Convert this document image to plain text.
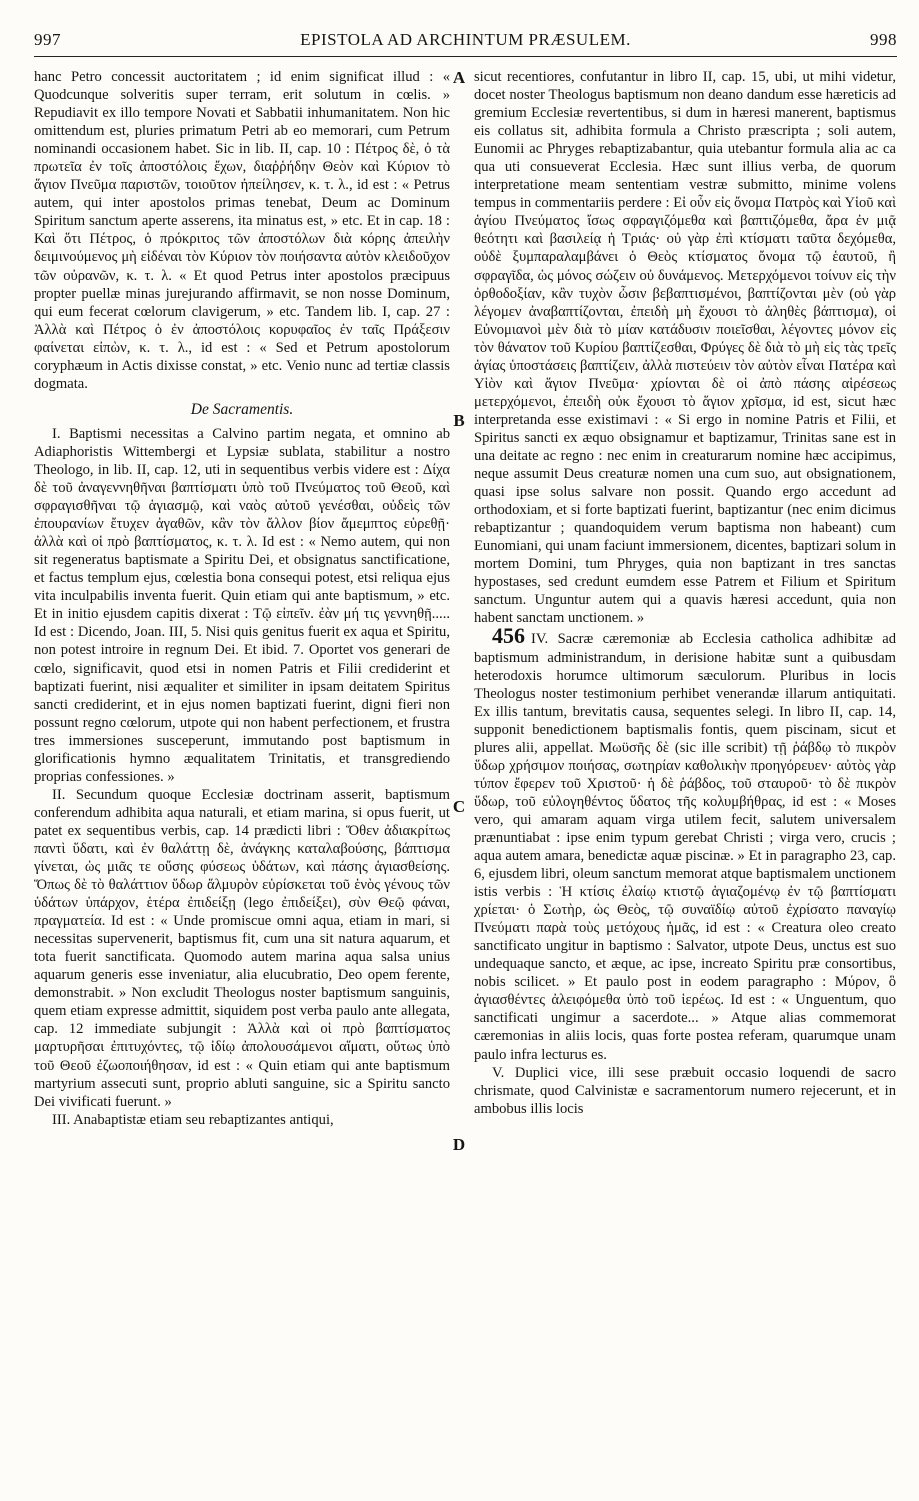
997	EPISTOLA AD ARCHINTUM PRÆSULEM.	998

hanc Petro concessit auctoritatem ; id enim significat illud : « Quodcunque solveritis super terram, erit solutum in cœlis. » Repudiavit ex illo tempore Novati et Sabbatii inhumanitatem. Non hic omittendum est, pluries primatum Petri ab eo memorari, cum Petrum nominandi occasionem habet. Sic in lib. II, cap. 10 : Πέτρος δὲ, ὁ τὰ πρωτεῖα ἐν τοῖς ἀποστόλοις ἔχων, διαῤῥήδην Θεὸν καὶ Κύριον τὸ ἅγιον Πνεῦμα παριστῶν, τοιοῦτον ἠπείλησεν, κ. τ. λ., id est : « Petrus autem, qui inter apostolos primas tenebat, Deum ac Dominum Spiritum sanctum aperte asserens, ita minatus est, » etc. Et in cap. 18 : Καὶ ὅτι Πέτρος, ὁ πρόκριτος τῶν ἀποστόλων διὰ κόρης ἀπειλὴν δειμινούμενος μὴ εἰδέναι τὸν Κύριον τὸν ποιήσαντα αὐτὸν κλειδοῦχον τῶν οὐρανῶν, κ. τ. λ. « Et quod Petrus inter apostolos præcipuus propter puellæ minas jurejurando affirmavit, se non nosse Dominum, qui eum fecerat cœlorum clavigerum, » etc. Tandem lib. I, cap. 27 : Ἀλλὰ καὶ Πέτρος ὁ ἐν ἀποστόλοις κορυφαῖος ἐν ταῖς Πράξεσιν φαίνεται εἰπὼν, κ. τ. λ., id est : « Sed et Petrum apostolorum coryphæum in Actis dixisse constat, » etc. Venio nunc ad tertiæ classis dogmata.

De Sacramentis.

I. Baptismi necessitas a Calvino partim negata, et omnino ab Adiaphoristis Wittembergi et Lypsiæ sublata, stabilitur a nostro Theologo, in lib. II, cap. 12, uti in sequentibus verbis videre est : Δίχα δὲ τοῦ ἀναγεννηθῆναι βαπτίσματι ὑπὸ τοῦ Πνεύματος τοῦ Θεοῦ, καὶ σφραγισθῆναι τῷ ἁγιασμῷ, καὶ ναὸς αὐτοῦ γενέσθαι, οὐδεὶς τῶν ἐπουρανίων ἔτυχεν ἀγαθῶν, κἂν τὸν ἄλλον βίον ἄμεμπτος εὑρεθῇ· ἀλλὰ καὶ οἱ πρὸ βαπτίσματος, κ. τ. λ. Id est : « Nemo autem, qui non sit regeneratus baptismate a Spiritu Dei, et obsignatus sanctificatione, et factus templum ejus, cœlestia bona consequi potest, etsi reliqua ejus vita inculpabilis inventa fuerit. Quin etiam qui ante baptismum, » etc. Et in initio ejusdem capitis dixerat : Τῷ εἰπεῖν. ἐὰν μή τις γεννηθῇ..... Id est : Dicendo, Joan. III, 5. Nisi quis genitus fuerit ex aqua et Spiritu, non potest introire in regnum Dei. Et ibid. 7. Oportet vos generari de cœlo, significavit, quod etsi in nomen Patris et Filii crediderint et baptizati fuerint, nisi æqualiter et similiter in ipsam deitatem Spiritus sancti crediderint, et in ejus nomen baptizati fuerint, digni fieri non possunt regno cœlorum, utpote qui non habent perfectionem, et frustra tres immersiones susceperunt, immutando post baptismum in glorificationis hymno æqualitatem Trinitatis, et transgrediendo proprias confessiones. »

II. Secundum quoque Ecclesiæ doctrinam asserit, baptismum conferendum adhibita aqua naturali, et etiam marina, si opus fuerit, ut patet ex sequentibus verbis, cap. 14 prædicti libri : Ὅθεν ἀδιακρίτως παντὶ ὕδατι, καὶ ἐν θαλάττῃ δὲ, ἀνάγκης καταλαβούσης, βάπτισμα γίνεται, ὡς μιᾶς τε οὔσης φύσεως ὑδάτων, καὶ πάσης ἁγιασθείσης. Ὅπως δὲ τὸ θαλάττιον ὕδωρ ἅλμυρὸν εὑρίσκεται τοῦ ἑνὸς γένους τῶν ὑδάτων ὑπάρχον, ἑτέρα ἐπιδείξῃ (lego ἐπιδείξει), σὺν Θεῷ φάναι, πραγματεία. Id est : « Unde promiscue omni aqua, etiam in mari, si necessitas supervenerit, baptismus fit, cum una sit natura aquarum, et tota fuerit sanctificata. Quomodo autem marina aqua salsa unius aquarum generis esse inveniatur, alia elucubratio, Deo opem ferente, demonstrabit. » Non excludit Theologus noster baptismum sanguinis, quem etiam expresse admittit, siquidem post verba paulo ante allegata, cap. 12 immediate subjungit : Ἀλλὰ καὶ οἱ πρὸ βαπτίσματος μαρτυρῆσαι ἐπιτυχόντες, τῷ ἰδίῳ ἀπολουσάμενοι αἵματι, οὕτως ὑπὸ τοῦ Θεοῦ ἐζωοποιήθησαν, id est : « Quin etiam qui ante baptismum martyrium assecuti sunt, proprio abluti sanguine, sic a Spiritu sancto Dei vivificati fuerunt. »

III. Anabaptistæ etiam seu rebaptizantes antiqui,

A
B
C
D

sicut recentiores, confutantur in libro II, cap. 15, ubi, ut mihi videtur, docet noster Theologus baptismum non deano dandum esse hæreticis ad gremium Ecclesiæ revertentibus, si dum in hæresi manerent, baptismus eis collatus sit, adhibita formula a Christo præscripta ; soli autem, Eunomii ac Phryges rebaptizabantur, quia utebantur formula alia ac ca qua uti consueverat Ecclesia. Hæc sunt illius verba, de quorum interpretatione meam sententiam vestræ submitto, minime volens tempus in commentariis perdere : Εἰ οὖν εἰς ὄνομα Πατρὸς καὶ Υἱοῦ καὶ ἁγίου Πνεύματος ἴσως σφραγιζόμεθα καὶ βαπτιζόμεθα, ἄρα ἐν μιᾷ θεότητι καὶ βασιλείᾳ ἡ Τριάς· οὐ γὰρ ἐπὶ κτίσματι ταῦτα δεχόμεθα, οὐδὲ ξυμπαραλαμβάνει ὁ Θεὸς κτίσματος ὄνομα τῷ ἑαυτοῦ, ἢ σφραγῖδα, ὡς μόνος σώζειν οὐ δυνάμενος. Μετερχόμενοι τοίνυν εἰς τὴν ὀρθοδοξίαν, κἂν τυχὸν ὦσιν βεβαπτισμένοι, βαπτίζονται μὲν (οὐ γὰρ λέγομεν ἀναβαπτίζονται, ἐπειδὴ μὴ ἔχουσι τὸ ἀληθὲς βάπτισμα), οἱ Εὐνομιανοὶ μὲν διὰ τὸ μίαν κατάδυσιν ποιεῖσθαι, λέγοντες μόνον εἰς τὸν θάνατον τοῦ Κυρίου βαπτίζεσθαι, Φρύγες δὲ διὰ τὸ μὴ εἰς τὰς τρεῖς ἁγίας ὑποστάσεις βαπτίζειν, ἀλλὰ πιστεύειν τὸν αὐτὸν εἶναι Πατέρα καὶ Υἱὸν καὶ ἅγιον Πνεῦμα· χρίονται δὲ οἱ ἀπὸ πάσης αἱρέσεως μετερχόμενοι, ἐπειδὴ οὐκ ἔχουσι τὸ ἅγιον χρῖσμα, id est, sicut hæc interpretanda esse existimavi : « Si ergo in nomine Patris et Filii, et Spiritus sancti ex æquo obsignamur et baptizamur, Trinitas sane est in una deitate ac regno : nec enim in creaturarum nomine hæc accipimus, neque assumit Deus creaturæ nomen una cum suo, aut obsignationem, quasi ipse solus salvare non possit. Quando ergo accedunt ad orthodoxiam, et si forte baptizati fuerint, baptizantur (nec enim dicimus rebaptizantur ; quandoquidem verum baptisma non habeant) cum Eunomiani, qui unam faciunt immersionem, dicentes, baptizari solum in mortem Domini, tum Phryges, quia non baptizant in tres sanctas hypostases, sed credunt eumdem esse Patrem et Filium et Spiritum sanctum. Unguntur autem qui a quavis hæresi accedunt, quia non habent sanctam unctionem. »

456 IV. Sacræ cæremoniæ ab Ecclesia catholica adhibitæ ad baptismum administrandum, in derisione habitæ sunt a quibusdam heterodoxis horumce ultimorum sæculorum. Pluribus in locis Theologus noster testimonium perhibet venerandæ illarum antiquitati. Ex illis tantum, brevitatis causa, sequentes selegi. In libro II, cap. 14, supponit benedictionem baptismalis fontis, quem piscinam, sicut et plures alii, appellat. Μωϋσῆς δὲ (sic ille scribit) τῇ ῥάβδῳ τὸ πικρὸν ὕδωρ χρήσιμον ποιήσας, σωτηρίαν καθολικὴν προηγόρευεν· αὐτὸς γὰρ τύπον ἔφερεν τοῦ Χριστοῦ· ἡ δὲ ῥάβδος, τοῦ σταυροῦ· τὸ δὲ πικρὸν ὕδωρ, τοῦ εὐλογηθέντος ὕδατος τῆς κολυμβήθρας, id est : « Moses vero, qui amaram aquam virga utilem fecit, salutem universalem prænuntiabat : ipse enim typum gerebat Christi ; virga vero, crucis ; aqua autem amara, benedictæ aquæ piscinæ. » Et in paragrapho 23, cap. 6, ejusdem libri, oleum sanctum memorat atque baptismalem unctionem istis verbis : Ἡ κτίσις ἐλαίῳ κτιστῷ ἁγιαζομένῳ ἐν τῷ βαπτίσματι χρίεται· ὁ Σωτὴρ, ὡς Θεὸς, τῷ συναϊδίῳ αὐτοῦ ἐχρίσατο παναγίῳ Πνεύματι παρὰ τοὺς μετόχους ἡμᾶς, id est : « Creatura oleo creato sanctificato ungitur in baptismo : Salvator, utpote Deus, unctus est suo undequaque sancto, et æque, ac ipse, increato Spiritu præ consortibus, nobis scilicet. » Et paulo post in eodem paragrapho : Μύρον, ὃ ἁγιασθέντες ἀλειφόμεθα ὑπὸ τοῦ ἱερέως. Id est : « Unguentum, quo sanctificati ungimur a sacerdote... » Atque alias commemorat cæremonias in aliis locis, quas forte postea referam, quarumque unam paulo infra lecturus es.

V. Duplici vice, illi sese præbuit occasio loquendi de sacro chrismate, quod Calvinistæ e sacramentorum numero rejecerunt, et in ambobus illis locis
